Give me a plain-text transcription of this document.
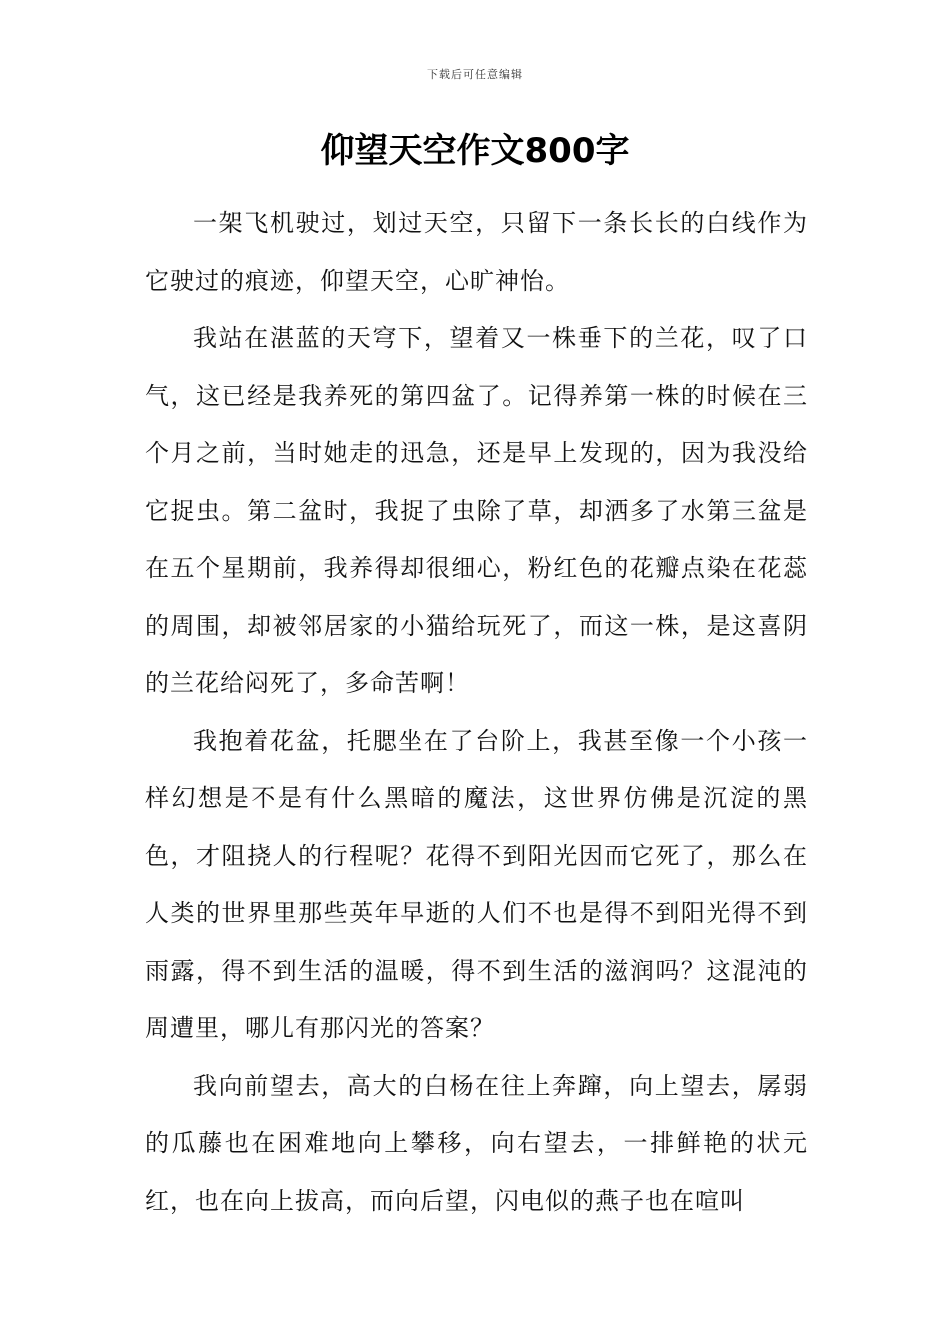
下载后可任意编辑
仰望天空作文800字

一架飞机驶过，划过天空，只留下一条长长的白线作为它驶过的痕迹，仰望天空，心旷神怡。

我站在湛蓝的天穹下，望着又一株垂下的兰花，叹了口气，这已经是我养死的第四盆了。记得养第一株的时候在三个月之前，当时她走的迅急，还是早上发现的，因为我没给它捉虫。第二盆时，我捉了虫除了草，却洒多了水第三盆是在五个星期前，我养得却很细心，粉红色的花瓣点染在花蕊的周围，却被邻居家的小猫给玩死了，而这一株，是这喜阴的兰花给闷死了，多命苦啊！

我抱着花盆，托腮坐在了台阶上，我甚至像一个小孩一样幻想是不是有什么黑暗的魔法，这世界仿佛是沉淀的黑色，才阻挠人的行程呢？花得不到阳光因而它死了，那么在人类的世界里那些英年早逝的人们不也是得不到阳光得不到雨露，得不到生活的温暖，得不到生活的滋润吗？这混沌的周遭里，哪儿有那闪光的答案？

我向前望去，高大的白杨在往上奔蹿，向上望去，孱弱的瓜藤也在困难地向上攀移，向右望去，一排鲜艳的状元红，也在向上拔高，而向后望，闪电似的燕子也在喧叫
